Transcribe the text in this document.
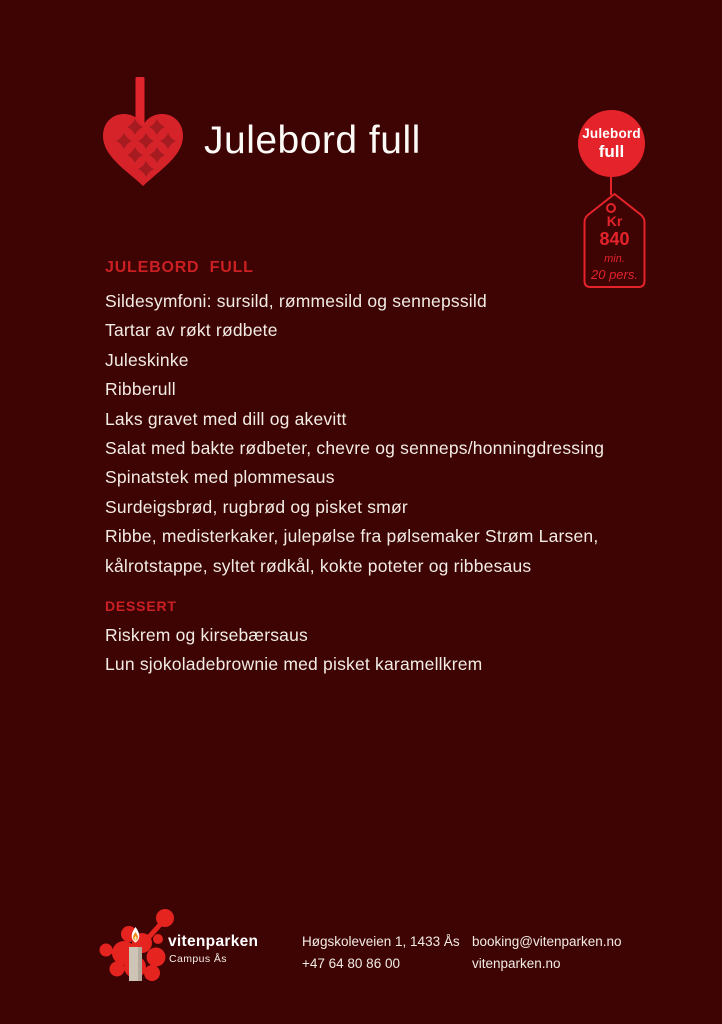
Julebord full	Julebord
full
Kr
840
min.
20 pers.
JULEBORD FULL
Sildesymfoni: sursild, rømmesild og sennepssild
Tartar av røkt rødbete
Juleskinke
Ribberull
Laks gravet med dill og akevitt
Salat med bakte rødbeter, chevre og senneps/honningdressing
Spinatstek med plommesaus
Surdeigsbrød, rugbrød og pisket smør
Ribbe, medisterkaker, julepølse fra pølsemaker Strøm Larsen,
kålrotstappe, syltet rødkål, kokte poteter og ribbesaus
DESSERT
Riskrem og kirsebærsaus
Lun sjokoladebrownie med pisket karamellkrem
vitenparken
Campus Ås
Høgskoleveien 1, 1433 Ås
+47 64 80 86 00
booking@vitenparken.no
vitenparken.no
